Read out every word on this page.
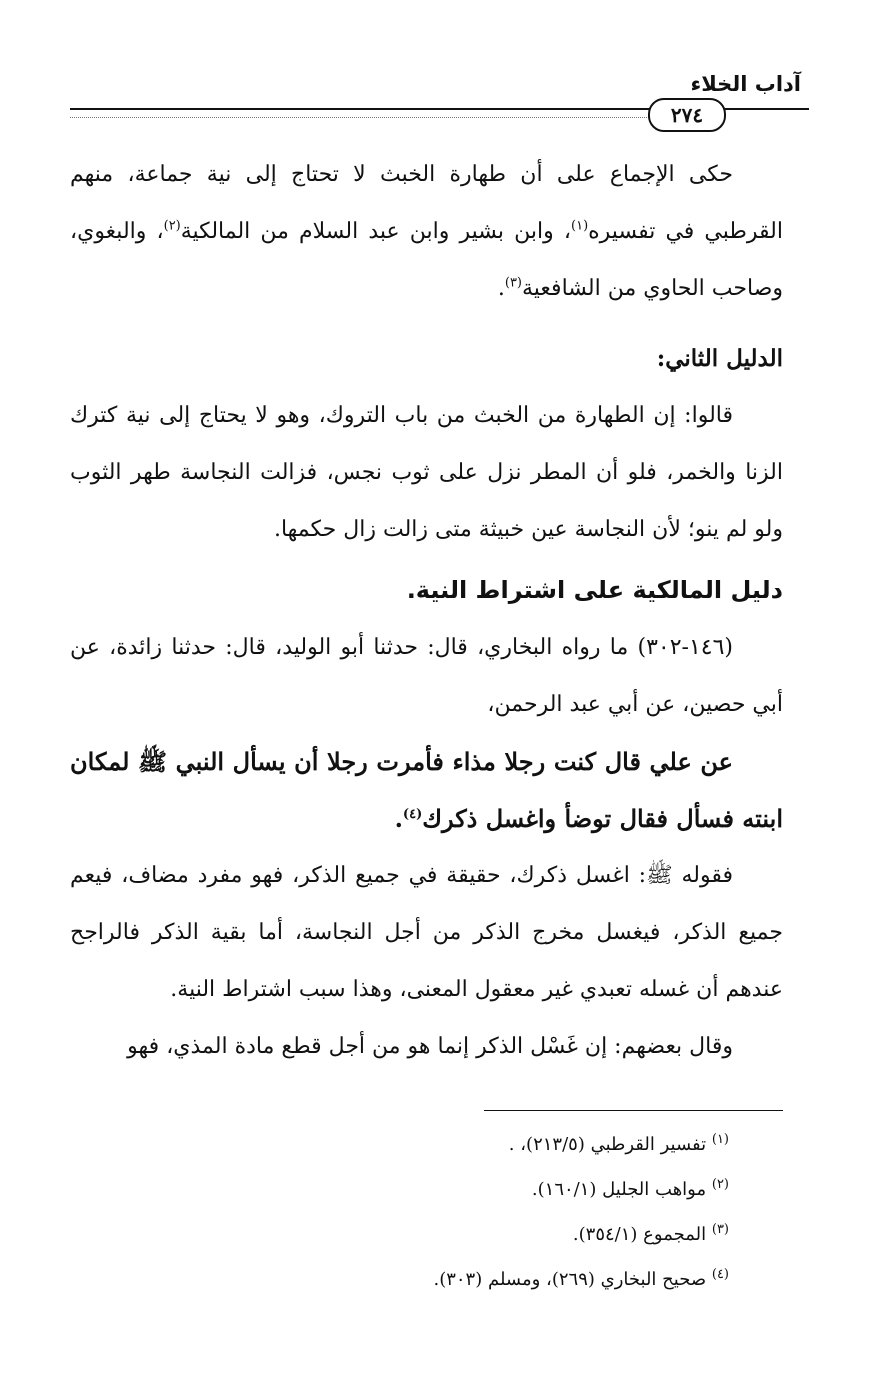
آداب الخلاء
٢٧٤

حكى الإجماع على أن طهارة الخبث لا تحتاج إلى نية جماعة، منهم القرطبي في تفسيره$^{(١)}$، وابن بشير وابن عبد السلام من المالكية$^{(٢)}$، والبغوي، وصاحب الحاوي من الشافعية$^{(٣)}$.

الدليل الثاني:

قالوا: إن الطهارة من الخبث من باب التروك، وهو لا يحتاج إلى نية كترك الزنا والخمر، فلو أن المطر نزل على ثوب نجس، فزالت النجاسة طهر الثوب ولو لم ينو؛ لأن النجاسة عين خبيثة متى زالت زال حكمها.

دليل المالكية على اشتراط النية.

(١٤٦-٣٠٢) ما رواه البخاري، قال: حدثنا أبو الوليد، قال: حدثنا زائدة، عن أبي حصين، عن أبي عبد الرحمن،

عن علي قال كنت رجلا مذاء فأمرت رجلا أن يسأل النبي ﷺ لمكان ابنته فسأل فقال توضأ واغسل ذكرك$^{(٤)}$.

فقوله ﷺ: اغسل ذكرك، حقيقة في جميع الذكر، فهو مفرد مضاف، فيعم جميع الذكر، فيغسل مخرج الذكر من أجل النجاسة، أما بقية الذكر فالراجح عندهم أن غسله تعبدي غير معقول المعنى، وهذا سبب اشتراط النية.

وقال بعضهم: إن غَسْل الذكر إنما هو من أجل قطع مادة المذي، فهو

$^{(١)}$ تفسير القرطبي (٢١٣/٥)، .

$^{(٢)}$ مواهب الجليل (١٦٠/١).

$^{(٣)}$ المجموع (٣٥٤/١).

$^{(٤)}$ صحيح البخاري (٢٦٩)، ومسلم (٣٠٣).
